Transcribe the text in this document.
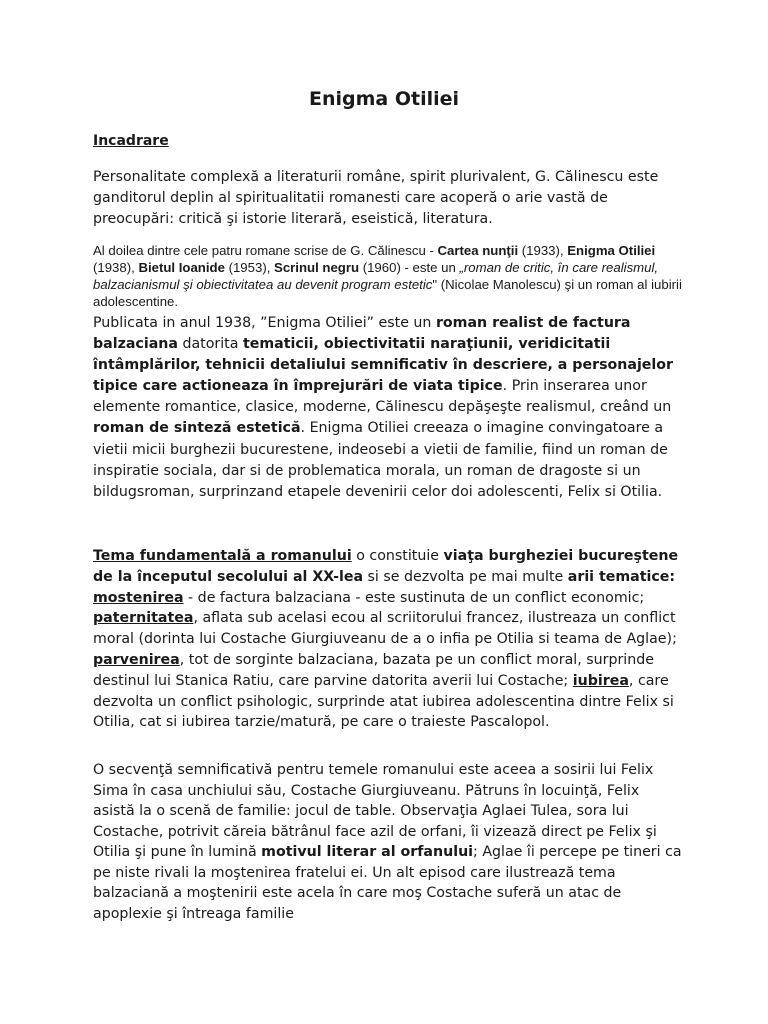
Enigma Otiliei
Incadrare

Personalitate complexă a literaturii române, spirit plurivalent, G. Călinescu este ganditorul deplin al spiritualitatii romanesti care acoperă o arie vastă de preocupări: critică şi istorie literară, eseistică, literatura.

Al doilea dintre cele patru romane scrise de G. Călinescu - Cartea nunţii (1933), Enigma Otiliei (1938), Bietul Ioanide (1953), Scrinul negru (1960) - este un „roman de critic, în care realismul, balzacianismul şi obiectivitatea au devenit program estetic" (Nicolae Manolescu) şi un roman al iubirii adolescentine.

Publicata in anul 1938, ”Enigma Otiliei” este un roman realist de factura balzaciana datorita tematicii, obiectivitatii naraţiunii, veridicitatii întâmplărilor, tehnicii detaliului semnificativ în descriere, a personajelor tipice care actioneaza în împrejurări de viata tipice. Prin inserarea unor elemente romantice, clasice, moderne, Călinescu depăşeşte realismul, creând un roman de sinteză estetică. Enigma Otiliei creeaza o imagine convingatoare a vietii micii burghezii bucurestene, indeosebi a vietii de familie, fiind un roman de inspiratie sociala, dar si de problematica morala, un roman de dragoste si un bildugsroman, surprinzand etapele devenirii celor doi adolescenti, Felix si Otilia.

Tema fundamentală a romanului o constituie viaţa burgheziei bucureştene de la începutul secolului al XX-lea si se dezvolta pe mai multe arii tematice: mostenirea - de factura balzaciana - este sustinuta de un conflict economic; paternitatea, aflata sub acelasi ecou al scriitorului francez, ilustreaza un conflict moral (dorinta lui Costache Giurgiuveanu de a o infia pe Otilia si teama de Aglae); parvenirea, tot de sorginte balzaciana, bazata pe un conflict moral, surprinde destinul lui Stanica Ratiu, care parvine datorita averii lui Costache; iubirea, care dezvolta un conflict psihologic, surprinde atat iubirea adolescentina dintre Felix si Otilia, cat si iubirea tarzie/matură, pe care o traieste Pascalopol.

O secvenţă semnificativă pentru temele romanului este aceea a sosirii lui Felix Sima în casa unchiului său, Costache Giurgiuveanu. Pătruns în locuinţă, Felix asistă la o scenă de familie: jocul de table. Observaţia Aglaei Tulea, sora lui Costache, potrivit căreia bătrânul face azil de orfani, îi vizează direct pe Felix şi Otilia şi pune în lumină motivul literar al orfanului; Aglae îi percepe pe tineri ca pe niste rivali la moştenirea fratelui ei. Un alt episod care ilustrează tema balzaciană a moştenirii este acela în care moş Costache suferă un atac de apoplexie şi întreaga familie
